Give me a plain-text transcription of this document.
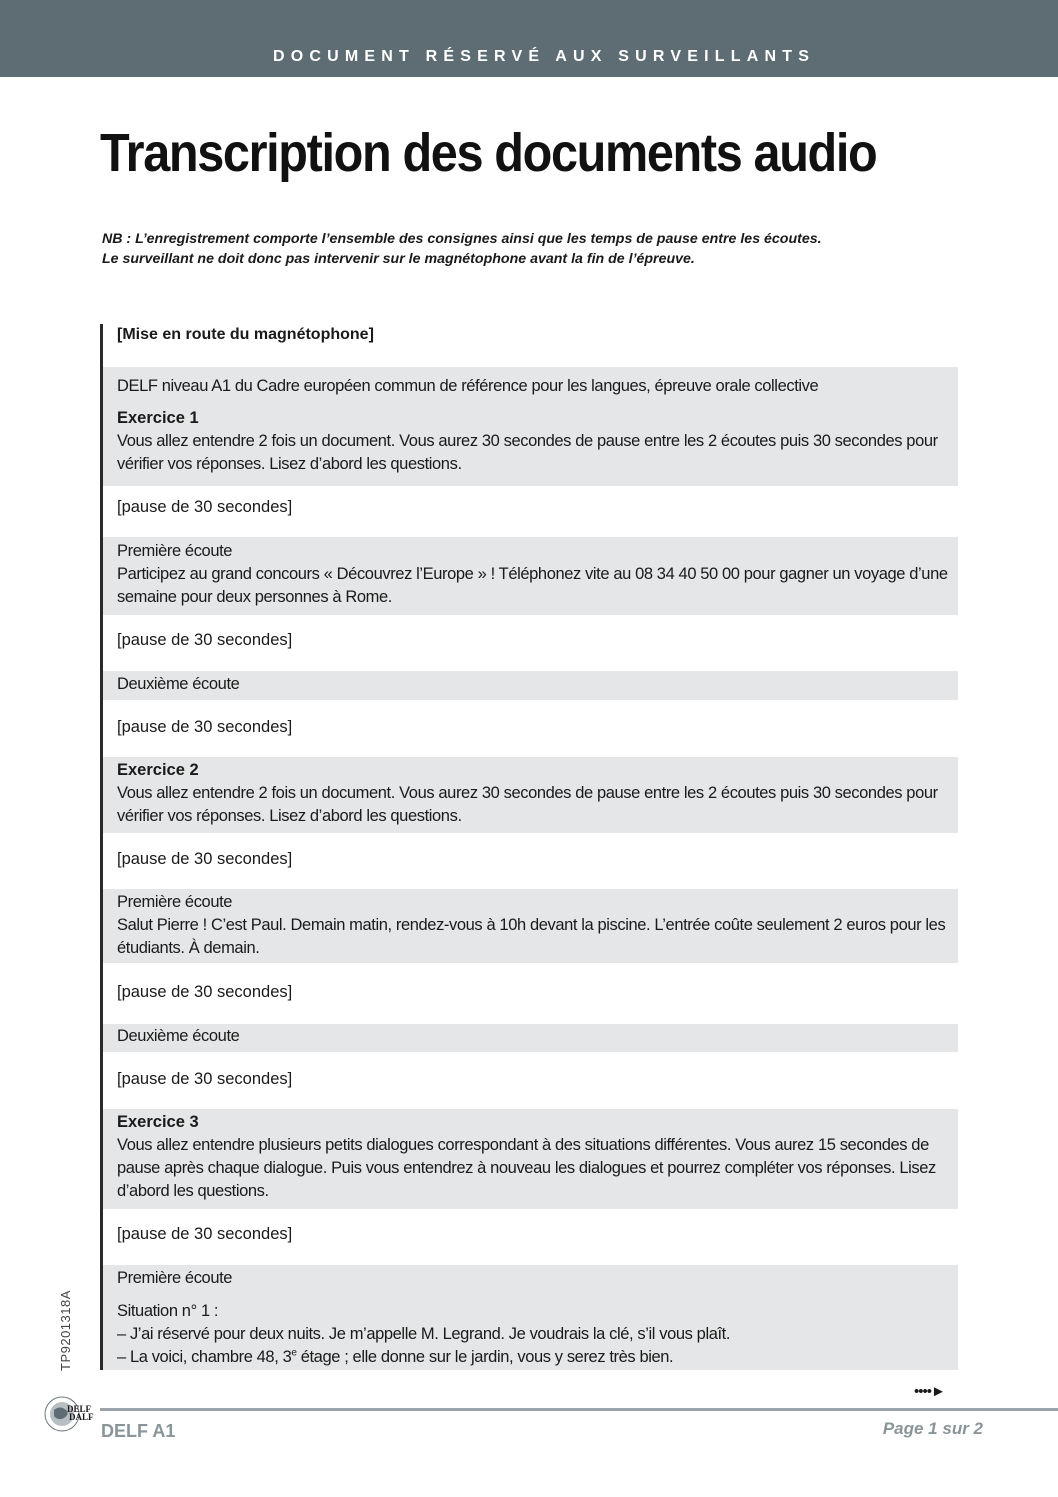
DOCUMENT RÉSERVÉ AUX SURVEILLANTS
Transcription des documents audio
NB : L’enregistrement comporte l’ensemble des consignes ainsi que les temps de pause entre les écoutes.
Le surveillant ne doit donc pas intervenir sur le magnétophone avant la fin de l’épreuve.
[Mise en route du magnétophone]
DELF niveau A1 du Cadre européen commun de référence pour les langues, épreuve orale collective
Exercice 1
Vous allez entendre 2 fois un document. Vous aurez 30 secondes de pause entre les 2 écoutes puis 30 secondes pour vérifier vos réponses. Lisez d’abord les questions.
[pause de 30 secondes]
Première écoute
Participez au grand concours « Découvrez l’Europe » ! Téléphonez vite au 08 34 40 50 00 pour gagner un voyage d’une semaine pour deux personnes à Rome.
[pause de 30 secondes]
Deuxième écoute
[pause de 30 secondes]
Exercice 2
Vous allez entendre 2 fois un document. Vous aurez 30 secondes de pause entre les 2 écoutes puis 30 secondes pour vérifier vos réponses. Lisez d’abord les questions.
[pause de 30 secondes]
Première écoute
Salut Pierre ! C’est Paul. Demain matin, rendez-vous à 10h devant la piscine. L’entrée coûte seulement 2 euros pour les étudiants. À demain.
[pause de 30 secondes]
Deuxième écoute
[pause de 30 secondes]
Exercice 3
Vous allez entendre plusieurs petits dialogues correspondant à des situations différentes. Vous aurez 15 secondes de pause après chaque dialogue. Puis vous entendrez à nouveau les dialogues et pourrez compléter vos réponses. Lisez d’abord les questions.
[pause de 30 secondes]
Première écoute
Situation n° 1 :
– J’ai réservé pour deux nuits. Je m’appelle M. Legrand. Je voudrais la clé, s’il vous plaît.
– La voici, chambre 48, 3e étage ; elle donne sur le jardin, vous y serez très bien.
TP9201318A
DELF
DALF
••••►
DELF A1	Page 1 sur 2
